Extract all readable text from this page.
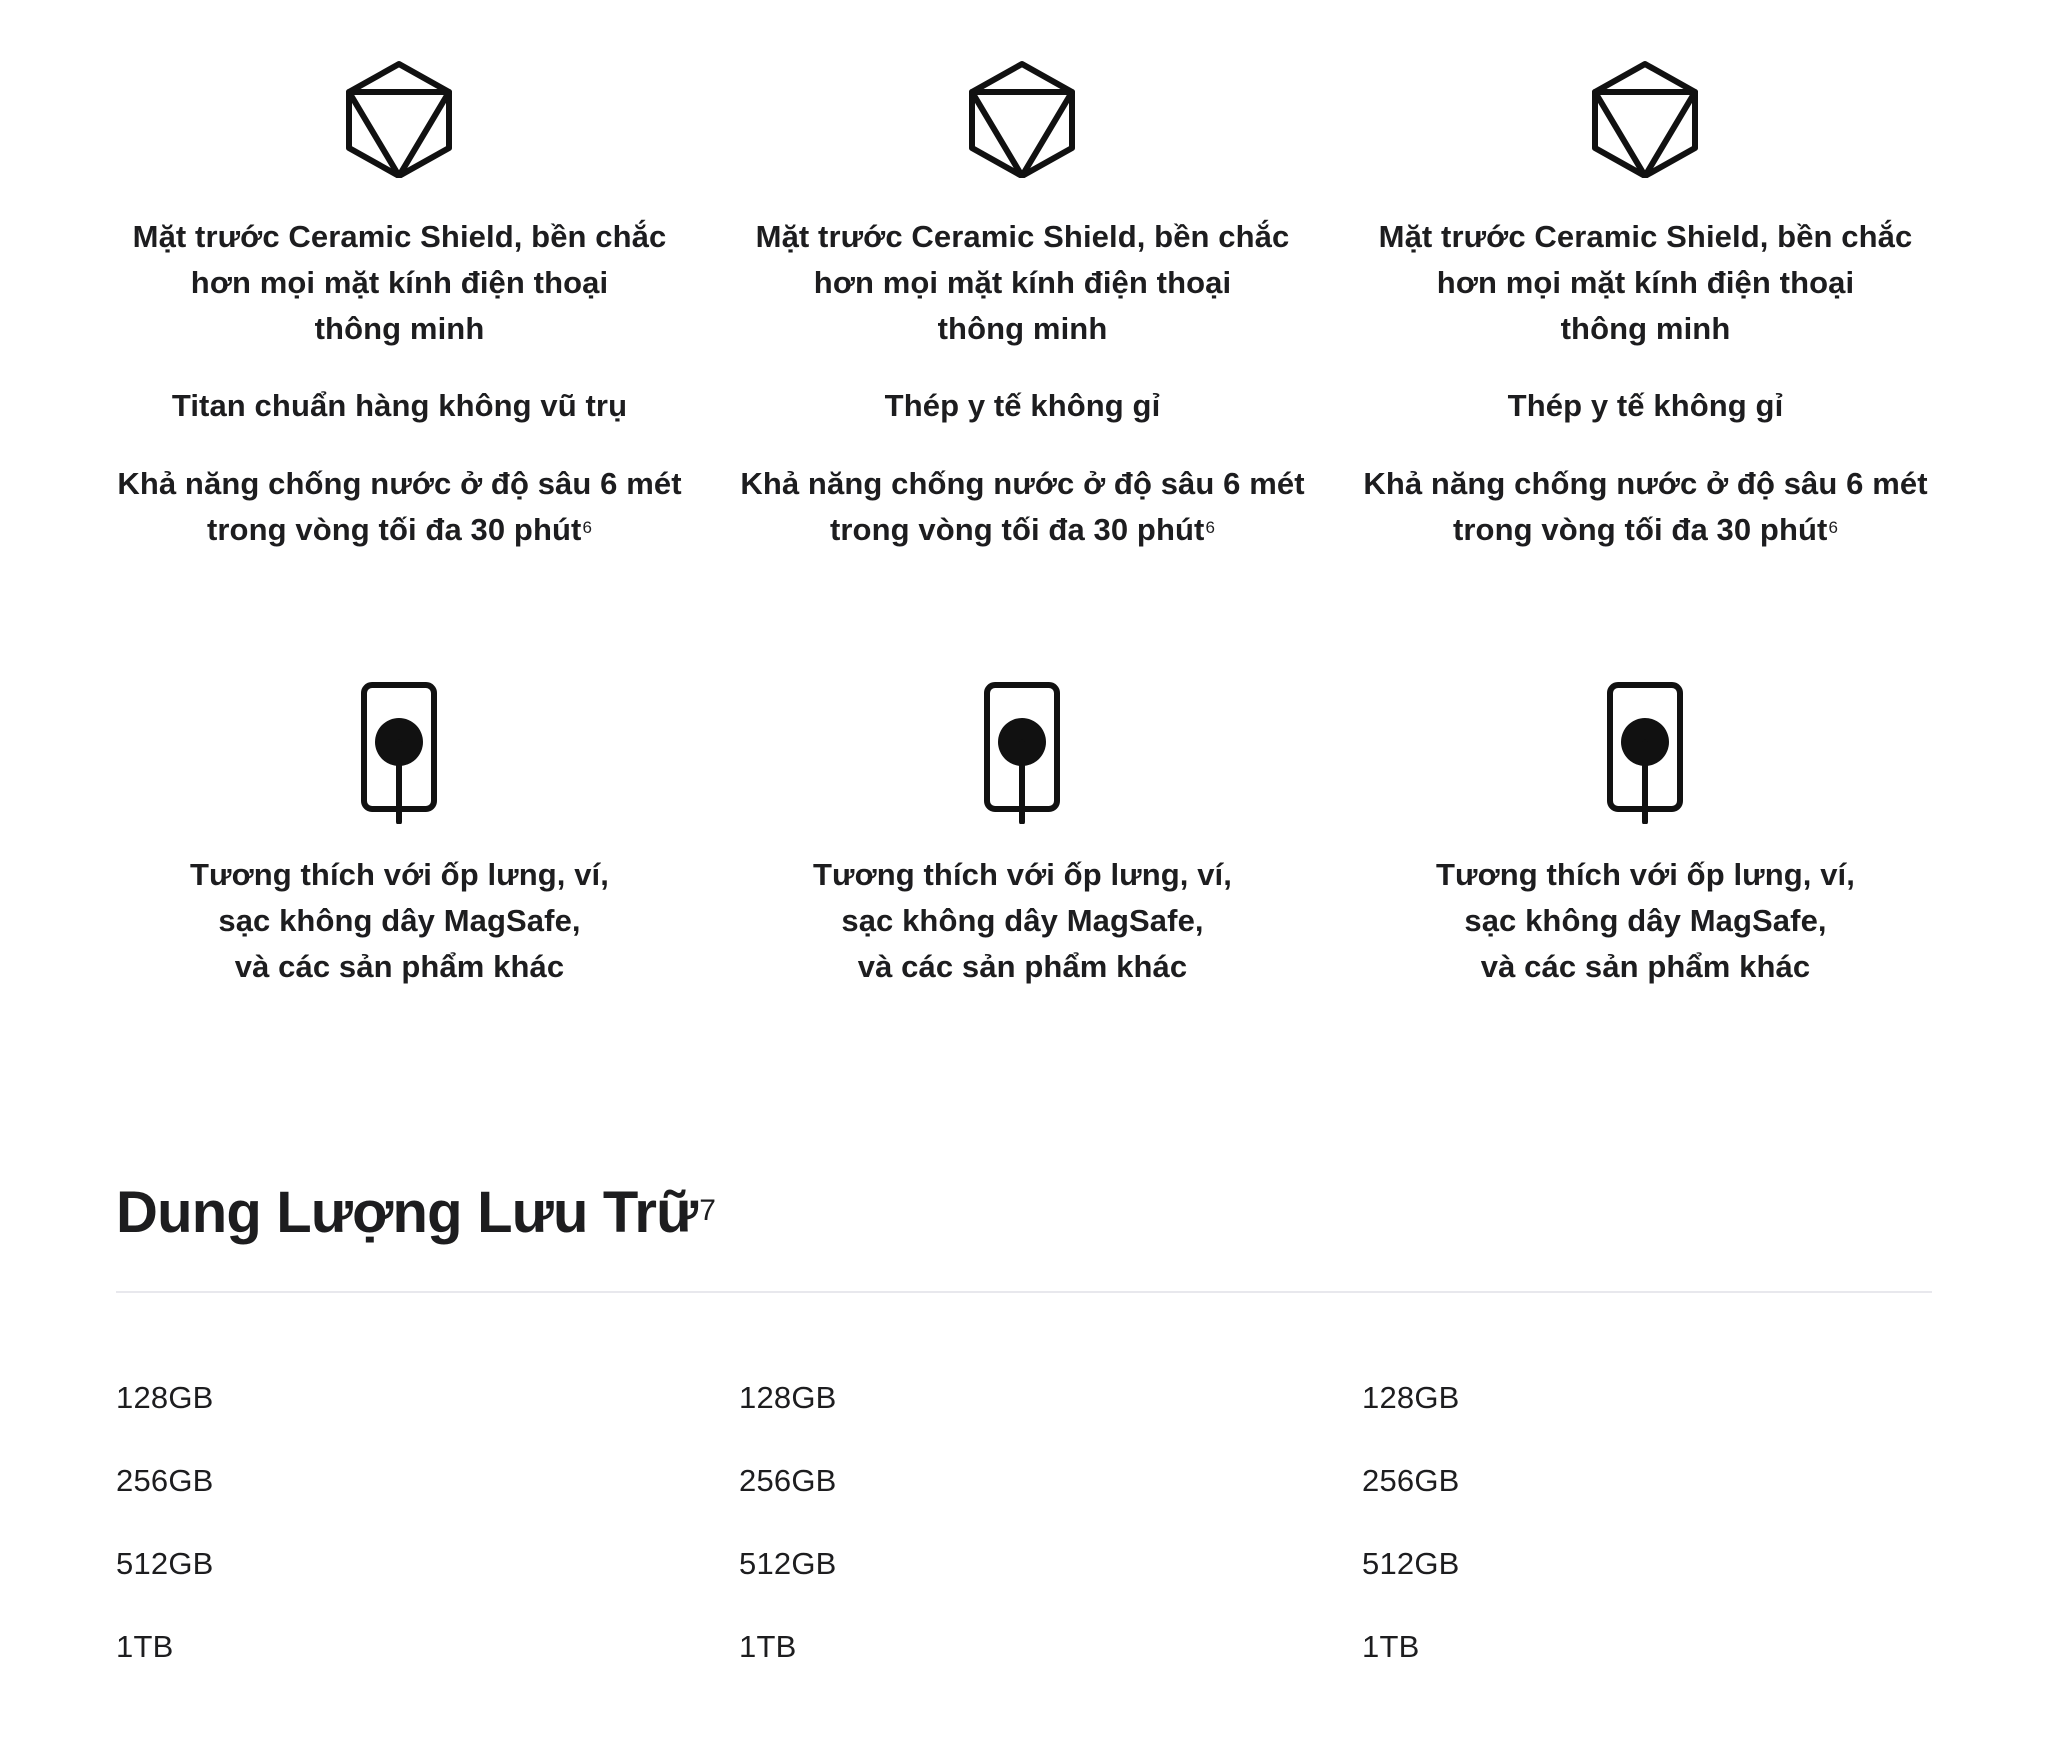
Mặt trước Ceramic Shield, bền chắc
hơn mọi mặt kính điện thoại
thông minh

Titan chuẩn hàng không vũ trụ

Khả năng chống nước ở độ sâu 6 mét
trong vòng tối đa 30 phút$^6$

Tương thích với ốp lưng, ví,
sạc không dây MagSafe,
và các sản phẩm khác

Mặt trước Ceramic Shield, bền chắc
hơn mọi mặt kính điện thoại
thông minh

Thép y tế không gỉ

Khả năng chống nước ở độ sâu 6 mét
trong vòng tối đa 30 phút$^6$

Tương thích với ốp lưng, ví,
sạc không dây MagSafe,
và các sản phẩm khác

Mặt trước Ceramic Shield, bền chắc
hơn mọi mặt kính điện thoại
thông minh

Thép y tế không gỉ

Khả năng chống nước ở độ sâu 6 mét
trong vòng tối đa 30 phút$^6$

Tương thích với ốp lưng, ví,
sạc không dây MagSafe,
và các sản phẩm khác

Dung Lượng Lưu Trữ$^7$
128GB
256GB
512GB
1TB
128GB
256GB
512GB
1TB
128GB
256GB
512GB
1TB
